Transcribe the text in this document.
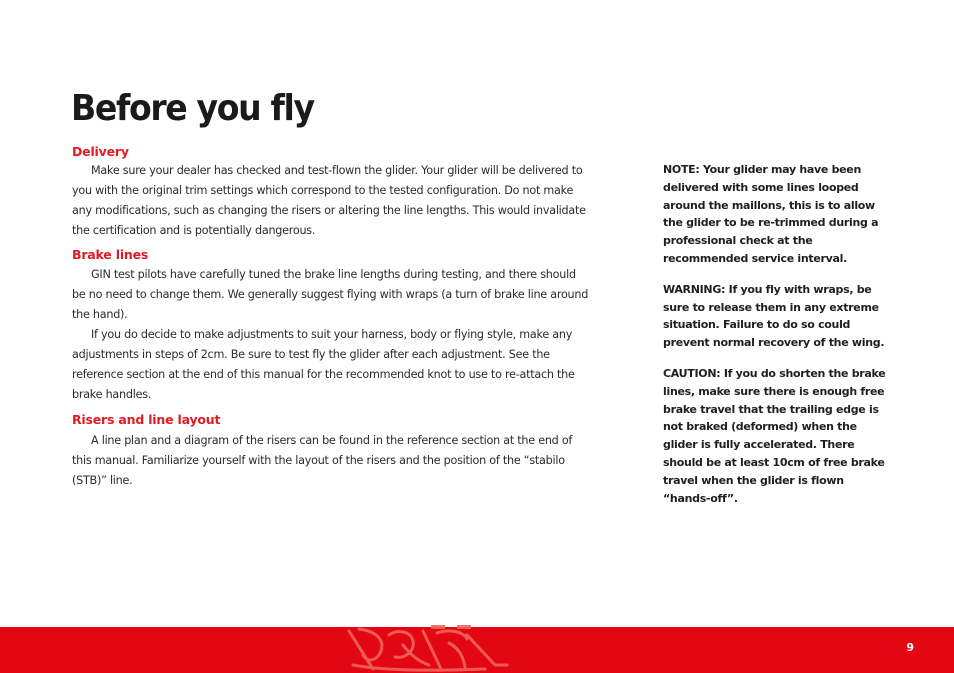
Before you fly
Delivery

Make sure your dealer has checked and test-flown the glider. Your glider will be delivered to you with the original trim settings which correspond to the tested configuration. Do not make any modifications, such as changing the risers or altering the line lengths. This would invalidate the certification and is potentially dangerous.

Brake lines

GIN test pilots have carefully tuned the brake line lengths during testing, and there should be no need to change them. We generally suggest flying with wraps (a turn of brake line around the hand).

If you do decide to make adjustments to suit your harness, body or flying style, make any adjustments in steps of 2cm. Be sure to test fly the glider after each adjustment. See the reference section at the end of this manual for the recommended knot to use to re-attach the brake handles.

Risers and line layout

A line plan and a diagram of the risers can be found in the reference section at the end of this manual. Familiarize yourself with the layout of the risers and the position of the “stabilo (STB)” line.

NOTE: Your glider may have been delivered with some lines looped around the maillons, this is to allow the glider to be re-trimmed during a professional check at the recommended service interval.

WARNING: If you fly with wraps, be sure to release them in any extreme situation. Failure to do so could prevent normal recovery of the wing.

CAUTION: If you do shorten the brake lines, make sure there is enough free brake travel that the trailing edge is not braked (deformed) when the glider is fully accelerated. There should be at least 10cm of free brake travel when the glider is flown “hands-off”.

9
